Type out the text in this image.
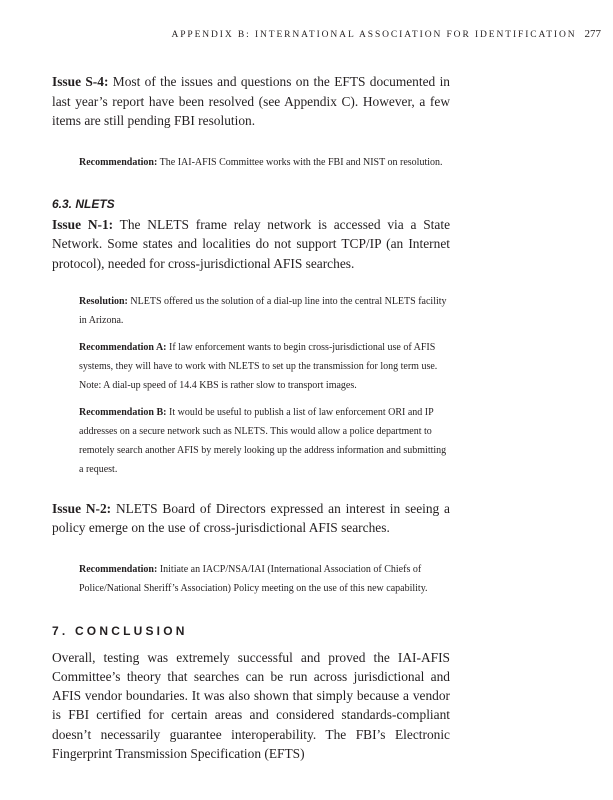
APPENDIX B: INTERNATIONAL ASSOCIATION FOR IDENTIFICATION 277

Issue S-4: Most of the issues and questions on the EFTS documented in last year’s report have been resolved (see Appendix C). However, a few items are still pending FBI resolution.

Recommendation: The IAI-AFIS Committee works with the FBI and NIST on resolution.

6.3. NLETS

Issue N-1: The NLETS frame relay network is accessed via a State Network. Some states and localities do not support TCP/IP (an Internet protocol), needed for cross-jurisdictional AFIS searches.

Resolution: NLETS offered us the solution of a dial-up line into the central NLETS facility in Arizona.

Recommendation A: If law enforcement wants to begin cross-jurisdictional use of AFIS systems, they will have to work with NLETS to set up the transmission for long term use. Note: A dial-up speed of 14.4 KBS is rather slow to transport images.

Recommendation B: It would be useful to publish a list of law enforcement ORI and IP addresses on a secure network such as NLETS. This would allow a police department to remotely search another AFIS by merely looking up the address information and submitting a request.

Issue N-2: NLETS Board of Directors expressed an interest in seeing a policy emerge on the use of cross-jurisdictional AFIS searches.

Recommendation: Initiate an IACP/NSA/IAI (International Association of Chiefs of Police/National Sheriff’s Association) Policy meeting on the use of this new capability.

7. CONCLUSION

Overall, testing was extremely successful and proved the IAI-AFIS Committee’s theory that searches can be run across jurisdictional and AFIS vendor boundaries. It was also shown that simply because a vendor is FBI certified for certain areas and considered standards-compliant doesn’t necessarily guarantee interoperability. The FBI’s Electronic Fingerprint Transmission Specification (EFTS)
